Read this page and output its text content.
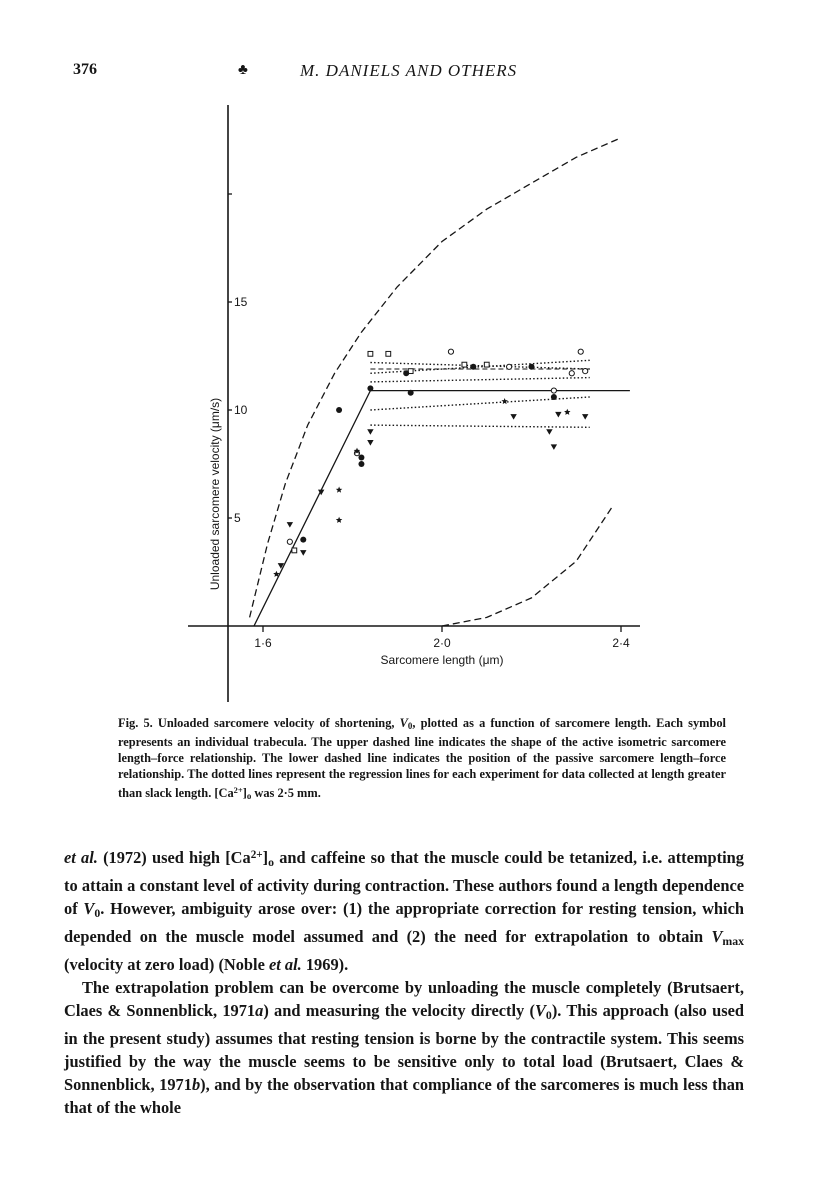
376	♣	M. DANIELS AND OTHERS
1·6	2·0	2·4
5
10
15
Sarcomere length (μm)
Unloaded sarcomere velocity (μm/s)
Fig. 5. Unloaded sarcomere velocity of shortening, $V_0$, plotted as a function of sarcomere length. Each symbol represents an individual trabecula. The upper dashed line indicates the shape of the active isometric sarcomere length–force relationship. The lower dashed line indicates the position of the passive sarcomere length–force relationship. The dotted lines represent the regression lines for each experiment for data collected at length greater than slack length. $[Ca^{2+}]_o$ was 2·5 mm.

et al. (1972) used high $[Ca^{2+}]_o$ and caffeine so that the muscle could be tetanized, i.e. attempting to attain a constant level of activity during contraction. These authors found a length dependence of $V_0$. However, ambiguity arose over: (1) the appropriate correction for resting tension, which depended on the muscle model assumed and (2) the need for extrapolation to obtain $V_{max}$ (velocity at zero load) (Noble et al. 1969).

The extrapolation problem can be overcome by unloading the muscle completely (Brutsaert, Claes & Sonnenblick, 1971a) and measuring the velocity directly $(V_0)$. This approach (also used in the present study) assumes that resting tension is borne by the contractile system. This seems justified by the way the muscle seems to be sensitive only to total load (Brutsaert, Claes & Sonnenblick, 1971b), and by the observation that compliance of the sarcomeres is much less than that of the whole
